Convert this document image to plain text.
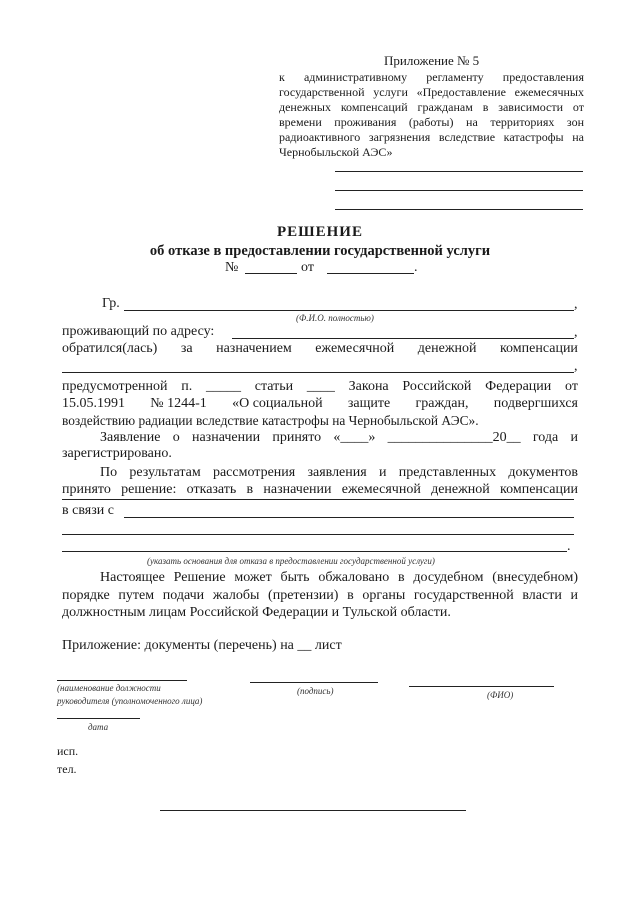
Приложение № 5
к административному регламенту предоставления
государственной услуги «Предоставление ежемесячных
денежных компенсаций гражданам в зависимости от
времени проживания (работы) на территориях зон
радиоактивного загрязнения вследствие катастрофы на
Чернобыльской АЭС»
РЕШЕНИЕ
об отказе в предоставлении государственной услуги
№	от	.
Гр.	,
(Ф.И.О. полностью)
проживающий по адресу:	,
обратился(лась) за назначением ежемесячной денежной компенсации
,
предусмотренной п. _____ статьи ____ Закона Российской Федерации от
15.05.1991 № 1244-1 «О социальной защите граждан, подвергшихся
воздействию радиации вследствие катастрофы на Чернобыльской АЭС».
Заявление о назначении принято «____» _______________20__ года и
зарегистрировано.
По результатам рассмотрения заявления и представленных документов
принято решение: отказать в назначении ежемесячной денежной компенсации
в связи с
.
(указать основания для отказа в предоставлении государственной услуги)
Настоящее Решение может быть обжаловано в досудебном (внесудебном)
порядке путем подачи жалобы (претензии) в органы государственной власти и
должностным лицам Российской Федерации и Тульской области.
Приложение: документы (перечень) на __ лист
(наименование должности
руководителя (уполномоченного лица)
(подпись)	(ФИО)
дата
исп.
тел.
